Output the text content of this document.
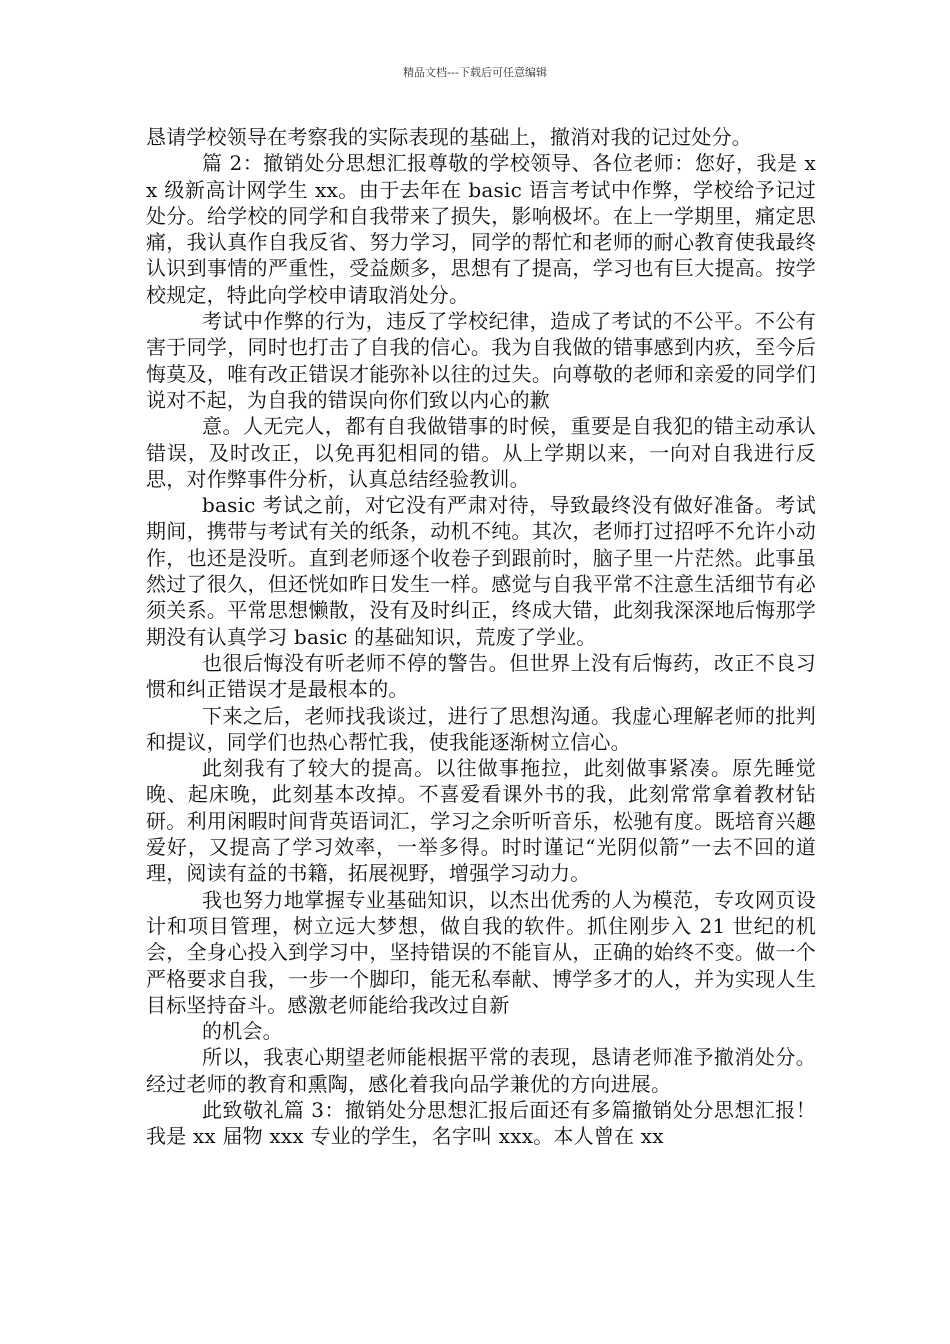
精品文档---下载后可任意编辑

恳请学校领导在考察我的实际表现的基础上，撤消对我的记过处分。

篇 2：撤销处分思想汇报尊敬的学校领导、各位老师：您好，我是 xx 级新高计网学生 xx。由于去年在 basic 语言考试中作弊，学校给予记过处分。给学校的同学和自我带来了损失，影响极坏。在上一学期里，痛定思痛，我认真作自我反省、努力学习，同学的帮忙和老师的耐心教育使我最终认识到事情的严重性，受益颇多，思想有了提高，学习也有巨大提高。按学校规定，特此向学校申请取消处分。

考试中作弊的行为，违反了学校纪律，造成了考试的不公平。不公有害于同学，同时也打击了自我的信心。我为自我做的错事感到内疚，至今后悔莫及，唯有改正错误才能弥补以往的过失。向尊敬的老师和亲爱的同学们说对不起，为自我的错误向你们致以内心的歉

意。人无完人，都有自我做错事的时候，重要是自我犯的错主动承认错误，及时改正，以免再犯相同的错。从上学期以来，一向对自我进行反思，对作弊事件分析，认真总结经验教训。

basic 考试之前，对它没有严肃对待，导致最终没有做好准备。考试期间，携带与考试有关的纸条，动机不纯。其次，老师打过招呼不允许小动作，也还是没听。直到老师逐个收卷子到跟前时，脑子里一片茫然。此事虽然过了很久，但还恍如昨日发生一样。感觉与自我平常不注意生活细节有必须关系。平常思想懒散，没有及时纠正，终成大错，此刻我深深地后悔那学期没有认真学习 basic 的基础知识，荒废了学业。

也很后悔没有听老师不停的警告。但世界上没有后悔药，改正不良习惯和纠正错误才是最根本的。

下来之后，老师找我谈过，进行了思想沟通。我虚心理解老师的批判和提议，同学们也热心帮忙我，使我能逐渐树立信心。

此刻我有了较大的提高。以往做事拖拉，此刻做事紧凑。原先睡觉晚、起床晚，此刻基本改掉。不喜爱看课外书的我，此刻常常拿着教材钻研。利用闲暇时间背英语词汇，学习之余听听音乐，松驰有度。既培育兴趣爱好，又提高了学习效率，一举多得。时时谨记“光阴似箭”一去不回的道理，阅读有益的书籍，拓展视野，增强学习动力。

我也努力地掌握专业基础知识，以杰出优秀的人为模范，专攻网页设计和项目管理，树立远大梦想，做自我的软件。抓住刚步入 21 世纪的机会，全身心投入到学习中，坚持错误的不能盲从，正确的始终不变。做一个严格要求自我，一步一个脚印，能无私奉献、博学多才的人，并为实现人生目标坚持奋斗。感激老师能给我改过自新

的机会。

所以，我衷心期望老师能根据平常的表现，恳请老师准予撤消处分。经过老师的教育和熏陶，感化着我向品学兼优的方向进展。

此致敬礼篇 3：撤销处分思想汇报后面还有多篇撤销处分思想汇报！我是 xx 届物 xxx 专业的学生，名字叫 xxx。本人曾在 xx
